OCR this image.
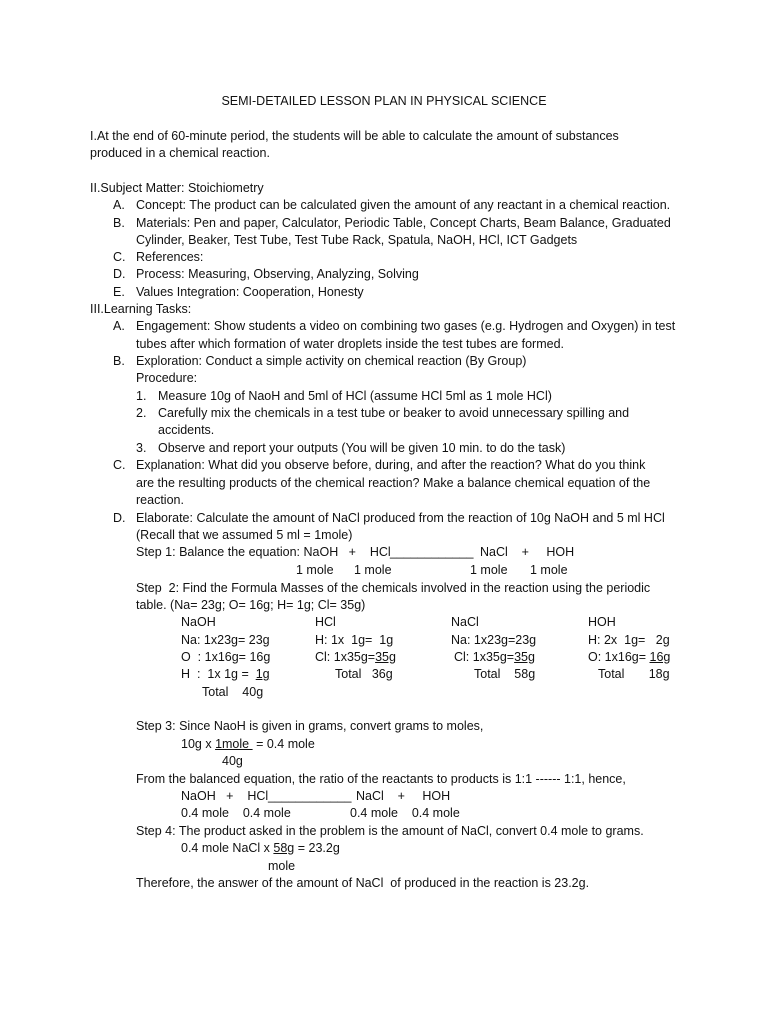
SEMI-DETAILED LESSON PLAN IN PHYSICAL SCIENCE
I.At the end of 60-minute period, the students will be able to calculate the amount of substances
produced in a chemical reaction.
II.Subject Matter: Stoichiometry
A. Concept: The product can be calculated given the amount of any reactant in a chemical reaction.
B. Materials: Pen and paper, Calculator, Periodic Table, Concept Charts, Beam Balance, Graduated
Cylinder, Beaker, Test Tube, Test Tube Rack, Spatula, NaOH, HCl, ICT Gadgets
C. References:
D. Process: Measuring, Observing, Analyzing, Solving
E. Values Integration: Cooperation, Honesty
III.Learning Tasks:
A. Engagement: Show students a video on combining two gases (e.g. Hydrogen and Oxygen) in test
tubes after which formation of water droplets inside the test tubes are formed.
B. Exploration: Conduct a simple activity on chemical reaction (By Group)
Procedure:
1. Measure 10g of NaoH and 5ml of HCl (assume HCl 5ml as 1 mole HCl)
2. Carefully mix the chemicals in a test tube or beaker to avoid unnecessary spilling and
accidents.
3. Observe and report your outputs (You will be given 10 min. to do the task)
C. Explanation: What did you observe before, during, and after the reaction? What do you think
are the resulting products of the chemical reaction? Make a balance chemical equation of the
reaction.
D. Elaborate: Calculate the amount of NaCl produced from the reaction of 10g NaOH and 5 ml HCl
(Recall that we assumed 5 ml = 1mole)
Step 1: Balance the equation: NaOH   +    HCl ____________ NaCl    +     HOH
1 mole 1 mole	1 mole 1 mole
Step  2: Find the Formula Masses of the chemicals involved in the reaction using the periodic
table. (Na= 23g; O= 16g; H= 1g; Cl= 35g)
NaOH
Na: 1x23g= 23g
O  : 1x16g= 16g
H  :  1x 1g =  1g
Total    40g
HCl
H: 1x  1g=  1g
Cl: 1x35g=35g
Total   36g
NaCl
Na: 1x23g=23g
Cl: 1x35g=35g
Total    58g
HOH
H: 2x  1g=   2g
O: 1x16g= 16g
Total       18g
Step 3: Since NaoH is given in grams, convert grams to moles,
10g x 1mole  = 0.4 mole
40g
From the balanced equation, the ratio of the reactants to products is 1:1 ------ 1:1, hence,
NaOH   +    HCl ____________ NaCl    +     HOH
0.4 mole    0.4 mole	0.4 mole    0.4 mole
Step 4: The product asked in the problem is the amount of NaCl, convert 0.4 mole to grams.
0.4 mole NaCl x 58g = 23.2g
mole
Therefore, the answer of the amount of NaCl  of produced in the reaction is 23.2g.
